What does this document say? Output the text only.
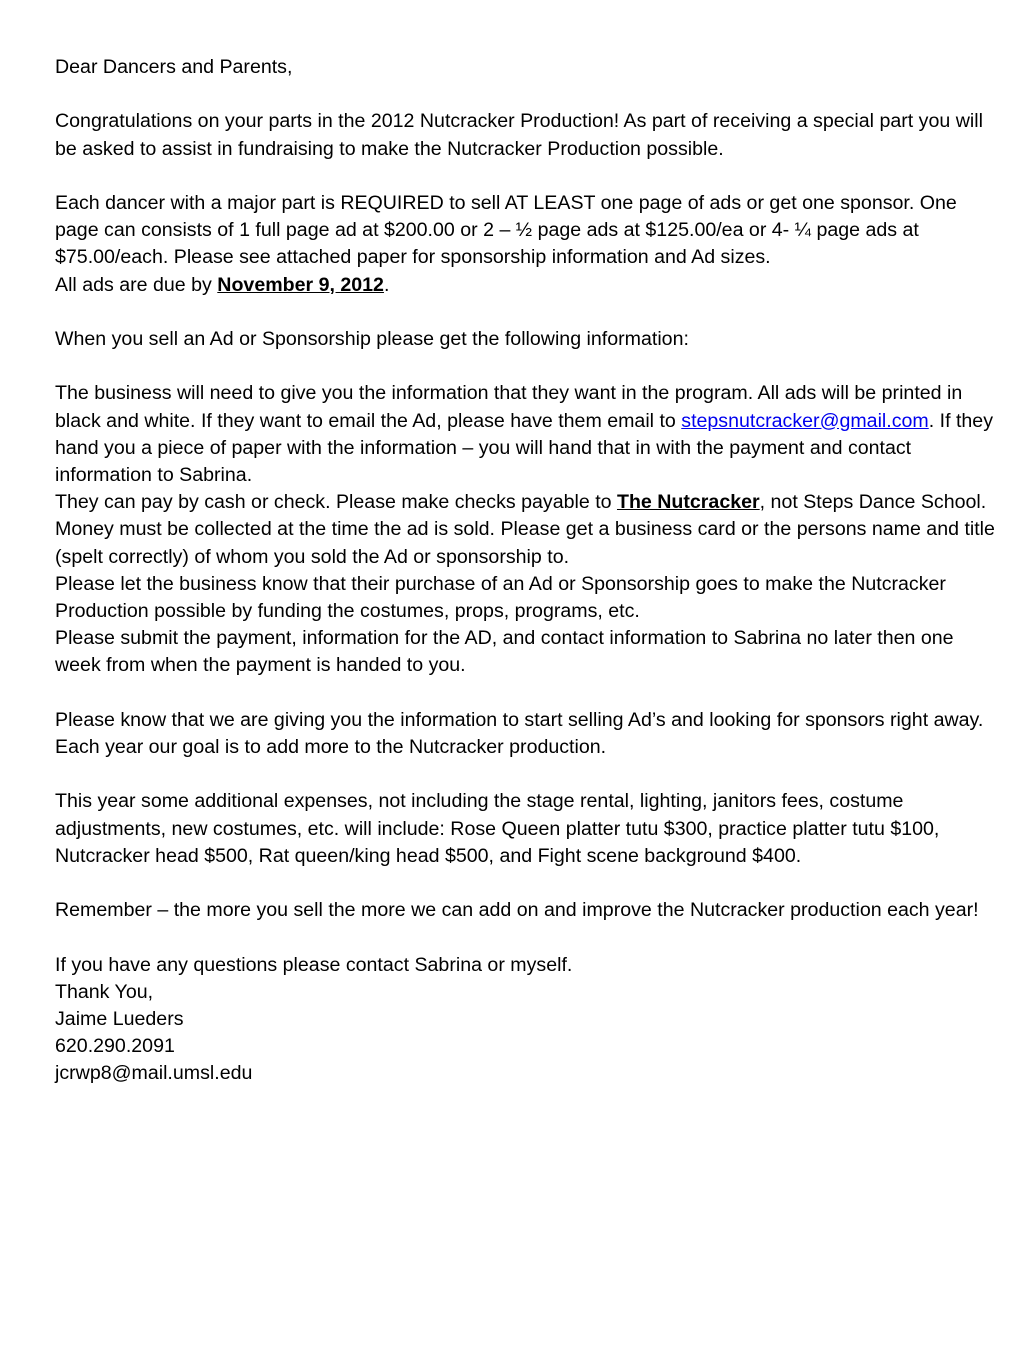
Dear Dancers and Parents,

Congratulations on your parts in the 2012 Nutcracker Production! As part of receiving a special part you will be asked to assist in fundraising to make the Nutcracker Production possible.

Each dancer with a major part is REQUIRED to sell AT LEAST one page of ads or get one sponsor. One page can consists of 1 full page ad at $200.00 or 2 – ½ page ads at $125.00/ea or 4- ¼ page ads at $75.00/each. Please see attached paper for sponsorship information and Ad sizes.

All ads are due by November 9, 2012.

When you sell an Ad or Sponsorship please get the following information:

The business will need to give you the information that they want in the program. All ads will be printed in black and white. If they want to email the Ad, please have them email to stepsnutcracker@gmail.com. If they hand you a piece of paper with the information – you will hand that in with the payment and contact information to Sabrina.

They can pay by cash or check. Please make checks payable to The Nutcracker, not Steps Dance School. Money must be collected at the time the ad is sold. Please get a business card or the persons name and title (spelt correctly) of whom you sold the Ad or sponsorship to.

Please let the business know that their purchase of an Ad or Sponsorship goes to make the Nutcracker Production possible by funding the costumes, props, programs, etc.

Please submit the payment, information for the AD, and contact information to Sabrina no later then one week from when the payment is handed to you.

Please know that we are giving you the information to start selling Ad’s and looking for sponsors right away. Each year our goal is to add more to the Nutcracker production.

This year some additional expenses, not including the stage rental, lighting, janitors fees, costume adjustments, new costumes, etc. will include: Rose Queen platter tutu $300, practice platter tutu $100, Nutcracker head $500, Rat queen/king head $500, and Fight scene background $400.

Remember – the more you sell the more we can add on and improve the Nutcracker production each year!

If you have any questions please contact Sabrina or myself.

Thank You,

Jaime Lueders

620.290.2091

jcrwp8@mail.umsl.edu
